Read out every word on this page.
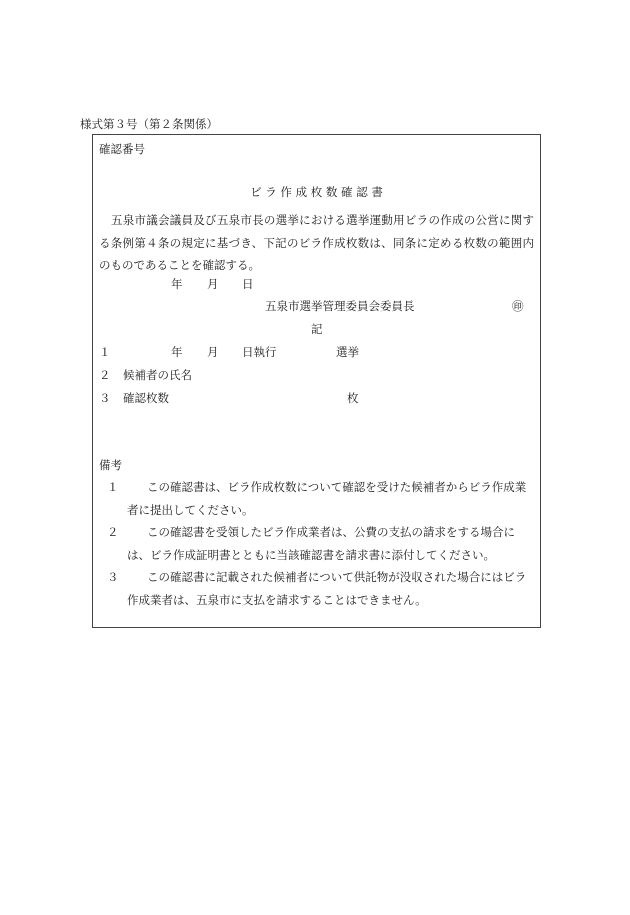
様式第３号（第２条関係）
確認番号
ビ ラ 作 成 枚 数 確 認 書
五泉市議会議員及び五泉市長の選挙における選挙運動用ビラの作成の公営に関する条例第４条の規定に基づき、下記のビラ作成枚数は、同条に定める枚数の範囲内のものであることを確認する。
年 月 日
五泉市選挙管理委員会委員長	㊞
記
１	年 月 日執行	選挙
２ 候補者の氏名
３ 確認枚数	枚
備考
１	この確認書は、ビラ作成枚数について確認を受けた候補者からビラ作成業者に提出してください。
２	この確認書を受領したビラ作成業者は、公費の支払の請求をする場合には、ビラ作成証明書とともに当該確認書を請求書に添付してください。
３	この確認書に記載された候補者について供託物が没収された場合にはビラ作成業者は、五泉市に支払を請求することはできません。
